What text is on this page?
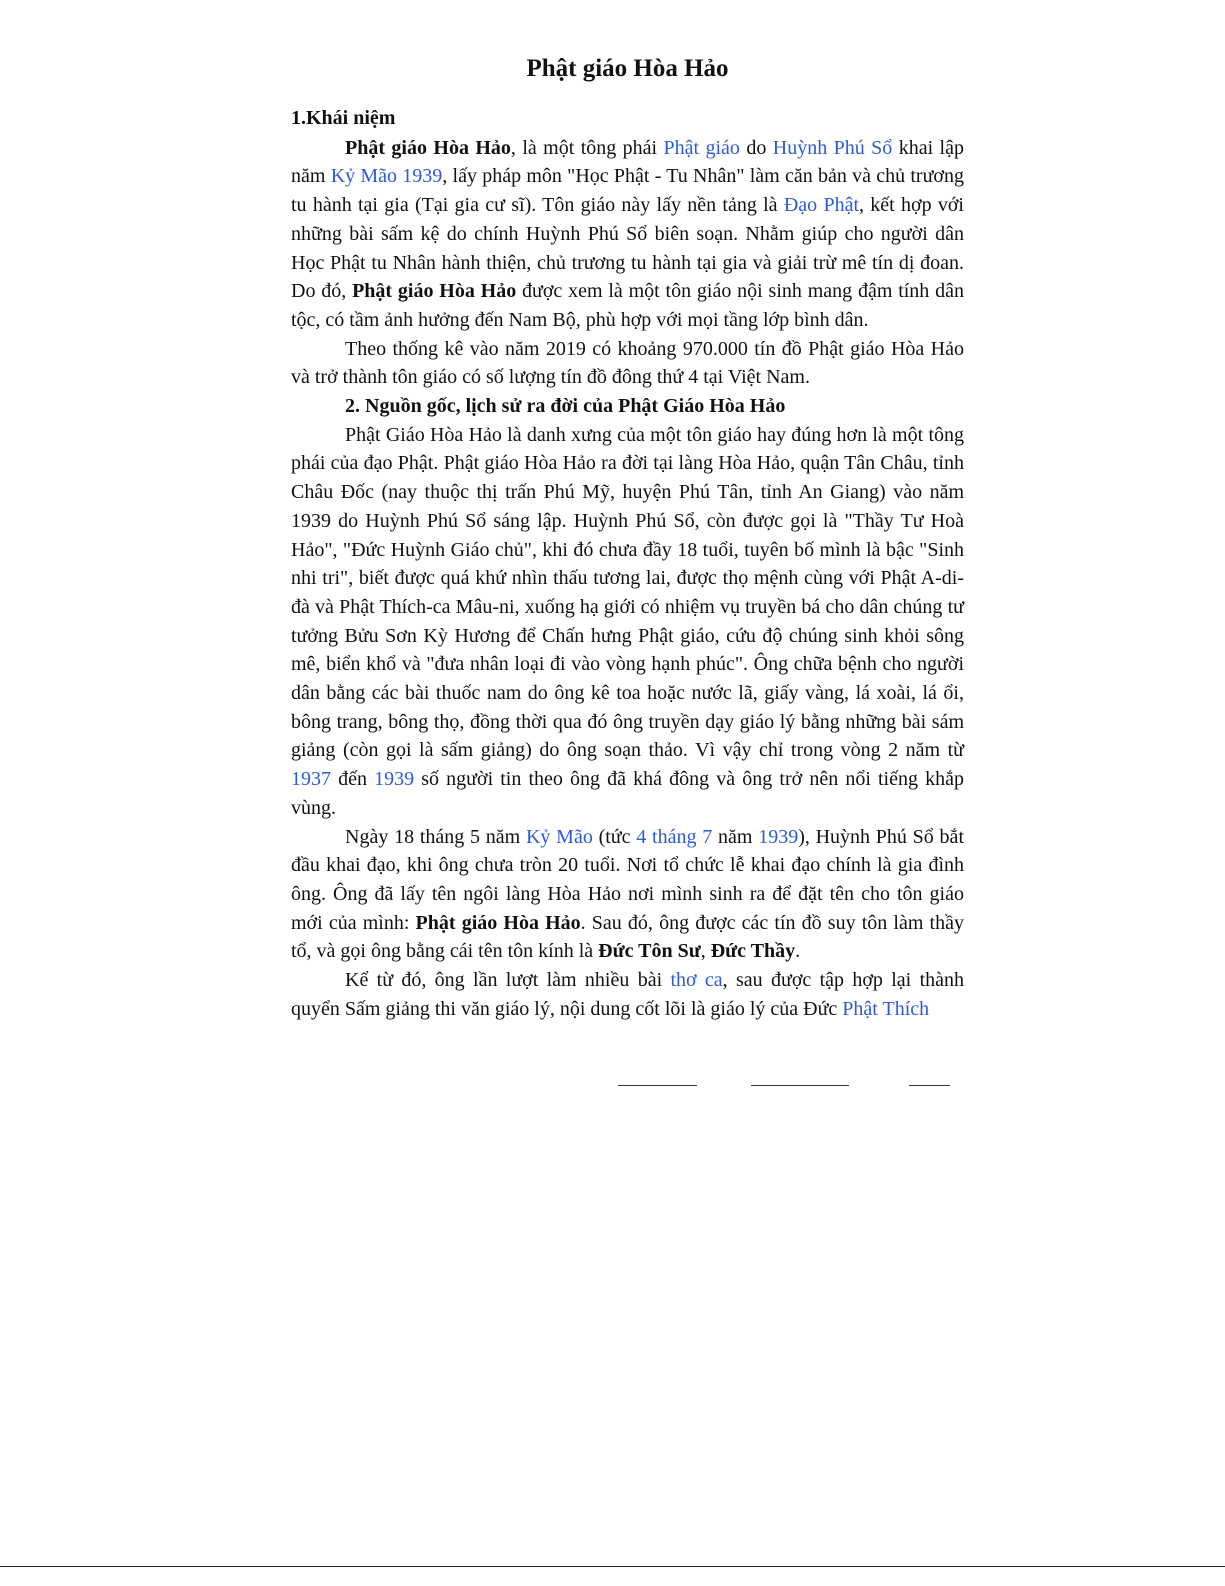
Phật giáo Hòa Hảo
1.Khái niệm

Phật giáo Hòa Hảo, là một tông phái Phật giáo do Huỳnh Phú Sổ khai lập năm Kỷ Mão 1939, lấy pháp môn "Học Phật - Tu Nhân" làm căn bản và chủ trương tu hành tại gia (Tại gia cư sĩ). Tôn giáo này lấy nền tảng là Đạo Phật, kết hợp với những bài sấm kệ do chính Huỳnh Phú Sổ biên soạn. Nhằm giúp cho người dân Học Phật tu Nhân hành thiện, chủ trương tu hành tại gia và giải trừ mê tín dị đoan. Do đó, Phật giáo Hòa Hảo được xem là một tôn giáo nội sinh mang đậm tính dân tộc, có tầm ảnh hưởng đến Nam Bộ, phù hợp với mọi tầng lớp bình dân.

Theo thống kê vào năm 2019 có khoảng 970.000 tín đồ Phật giáo Hòa Hảo và trở thành tôn giáo có số lượng tín đồ đông thứ 4 tại Việt Nam.

2. Nguồn gốc, lịch sử ra đời của Phật Giáo Hòa Hảo

Phật Giáo Hòa Hảo là danh xưng của một tôn giáo hay đúng hơn là một tông phái của đạo Phật. Phật giáo Hòa Hảo ra đời tại làng Hòa Hảo, quận Tân Châu, tỉnh Châu Đốc (nay thuộc thị trấn Phú Mỹ, huyện Phú Tân, tỉnh An Giang) vào năm 1939 do Huỳnh Phú Sổ sáng lập. Huỳnh Phú Sổ, còn được gọi là "Thầy Tư Hoà Hảo", "Đức Huỳnh Giáo chủ", khi đó chưa đầy 18 tuổi, tuyên bố mình là bậc "Sinh nhi tri", biết được quá khứ nhìn thấu tương lai, được thọ mệnh cùng với Phật A-di-đà và Phật Thích-ca Mâu-ni, xuống hạ giới có nhiệm vụ truyền bá cho dân chúng tư tưởng Bửu Sơn Kỳ Hương để Chấn hưng Phật giáo, cứu độ chúng sinh khỏi sông mê, biển khổ và "đưa nhân loại đi vào vòng hạnh phúc". Ông chữa bệnh cho người dân bằng các bài thuốc nam do ông kê toa hoặc nước lã, giấy vàng, lá xoài, lá ổi, bông trang, bông thọ, đồng thời qua đó ông truyền dạy giáo lý bằng những bài sám giảng (còn gọi là sấm giảng) do ông soạn thảo. Vì vậy chỉ trong vòng 2 năm từ 1937 đến 1939 số người tin theo ông đã khá đông và ông trở nên nổi tiếng khắp vùng.

Ngày 18 tháng 5 năm Kỷ Mão (tức 4 tháng 7 năm 1939), Huỳnh Phú Sổ bắt đầu khai đạo, khi ông chưa tròn 20 tuổi. Nơi tổ chức lễ khai đạo chính là gia đình ông. Ông đã lấy tên ngôi làng Hòa Hảo nơi mình sinh ra để đặt tên cho tôn giáo mới của mình: Phật giáo Hòa Hảo. Sau đó, ông được các tín đồ suy tôn làm thầy tổ, và gọi ông bằng cái tên tôn kính là Đức Tôn Sư, Đức Thầy.

Kể từ đó, ông lần lượt làm nhiều bài thơ ca, sau được tập hợp lại thành quyển Sấm giảng thi văn giáo lý, nội dung cốt lõi là giáo lý của Đức Phật Thích
